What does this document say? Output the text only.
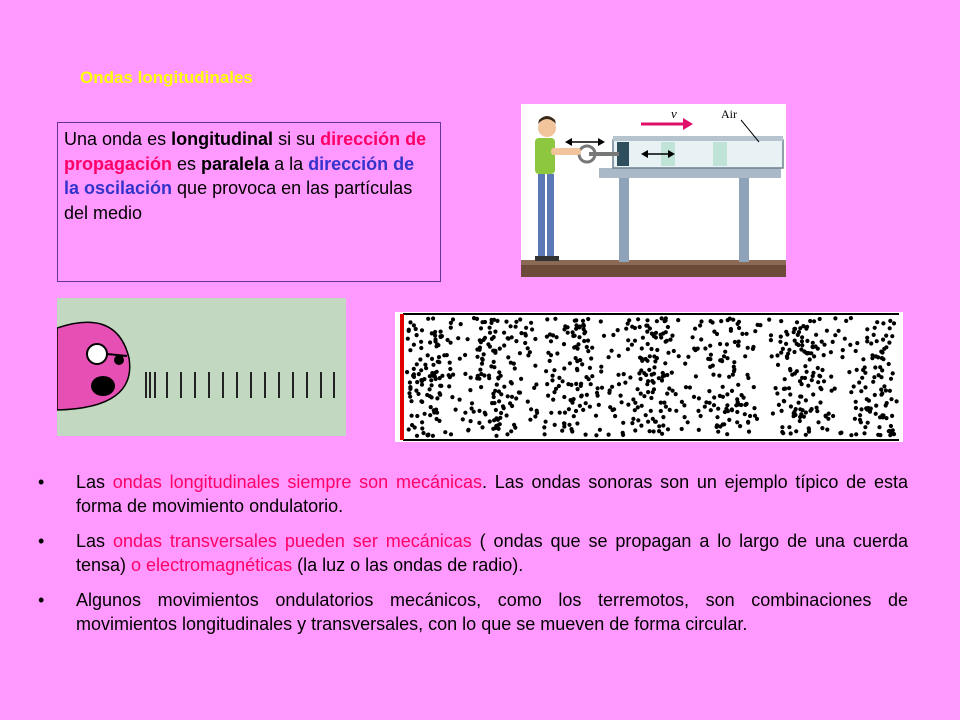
Ondas longitudinales
Una onda es longitudinal si su dirección de propagación es paralela a la dirección de la oscilación que provoca en las partículas del medio
v	Air
• Las ondas longitudinales siempre son mecánicas. Las ondas sonoras son un ejemplo típico de esta forma de movimiento ondulatorio.
• Las ondas transversales pueden ser mecánicas ( ondas que se propagan a lo largo de una cuerda tensa) o electromagnéticas (la luz o las ondas de radio).
• Algunos movimientos ondulatorios mecánicos, como los terremotos, son combinaciones de movimientos longitudinales y transversales, con lo que se mueven de forma circular.
